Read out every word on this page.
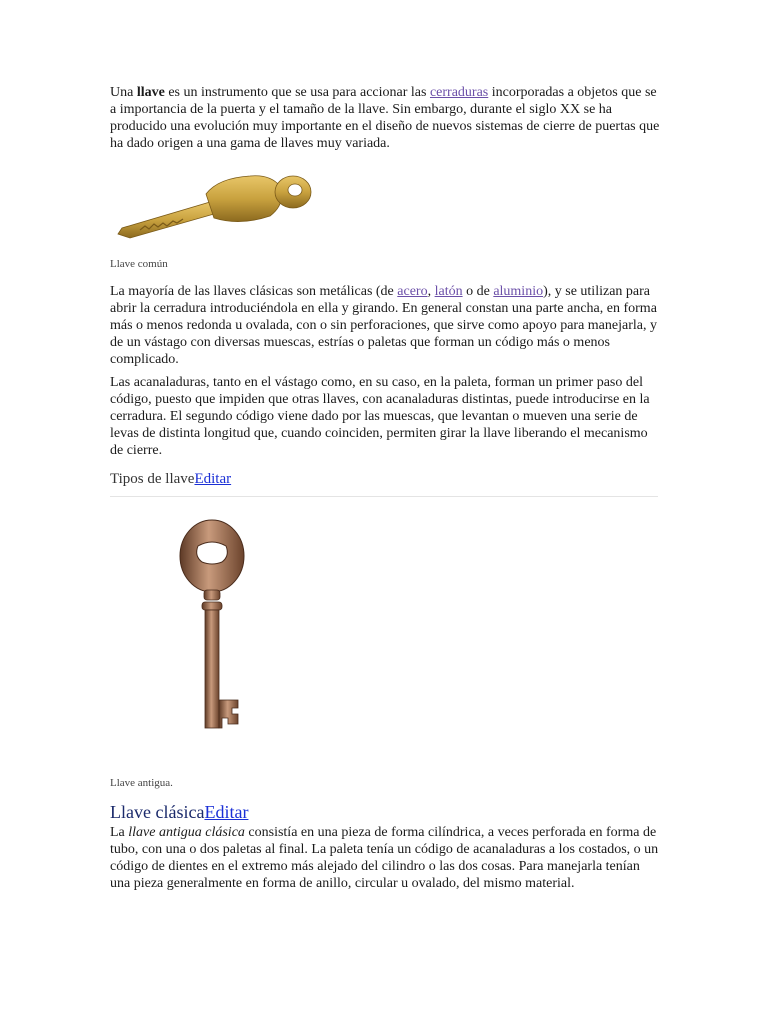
Una llave es un instrumento que se usa para accionar las cerraduras incorporadas a objetos que se a importancia de la puerta y el tamaño de la llave. Sin embargo, durante el siglo XX se ha producido una evolución muy importante en el diseño de nuevos sistemas de cierre de puertas que ha dado origen a una gama de llaves muy variada.

Llave común

La mayoría de las llaves clásicas son metálicas (de acero, latón o de aluminio), y se utilizan para abrir la cerradura introduciéndola en ella y girando. En general constan una parte ancha, en forma más o menos redonda u ovalada, con o sin perforaciones, que sirve como apoyo para manejarla, y de un vástago con diversas muescas, estrías o paletas que forman un código más o menos complicado.

Las acanaladuras, tanto en el vástago como, en su caso, en la paleta, forman un primer paso del código, puesto que impiden que otras llaves, con acanaladuras distintas, puede introducirse en la cerradura. El segundo código viene dado por las muescas, que levantan o mueven una serie de levas de distinta longitud que, cuando coinciden, permiten girar la llave liberando el mecanismo de cierre.

Tipos de llaveEditar

Llave antigua.

Llave clásicaEditar

La llave antigua clásica consistía en una pieza de forma cilíndrica, a veces perforada en forma de tubo, con una o dos paletas al final. La paleta tenía un código de acanaladuras a los costados, o un código de dientes en el extremo más alejado del cilindro o las dos cosas. Para manejarla tenían una pieza generalmente en forma de anillo, circular u ovalado, del mismo material.
